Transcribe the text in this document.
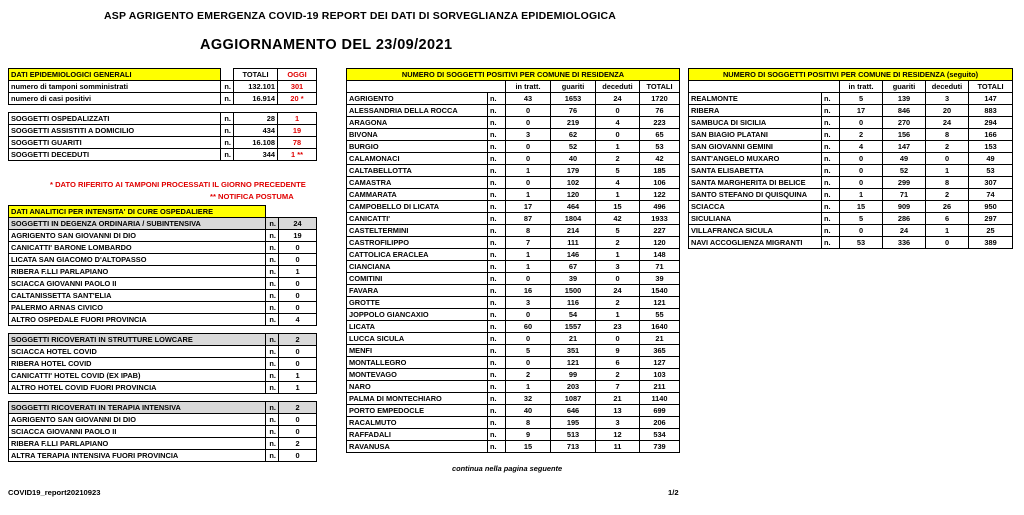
ASP AGRIGENTO EMERGENZA COVID-19 REPORT DEI DATI DI SORVEGLIANZA EPIDEMIOLOGICA
AGGIORNAMENTO DEL 23/09/2021
DATI EPIDEMIOLOGICI GENERALI		TOTALI	OGGI
numero di tamponi somministrati	n.	132.101	301
numero di casi positivi	n.	16.914	20 *

SOGGETTI OSPEDALIZZATI	n.	28	1
SOGGETTI ASSISTITI A DOMICILIO	n.	434	19
SOGGETTI GUARITI	n.	16.108	78
SOGGETTI DECEDUTI	n.	344	1 **
* DATO RIFERITO AI TAMPONI PROCESSATI IL GIORNO PRECEDENTE
** NOTIFICA POSTUMA
DATI ANALITICI PER INTENSITA' DI CURE OSPEDALIERE		
SOGGETTI IN DEGENZA ORDINARIA / SUBINTENSIVA	n.	24
AGRIGENTO SAN GIOVANNI DI DIO	n.	19
CANICATTI' BARONE LOMBARDO	n.	0
LICATA SAN GIACOMO D'ALTOPASSO	n.	0
RIBERA F.LLI PARLAPIANO	n.	1
SCIACCA GIOVANNI PAOLO II	n.	0
CALTANISSETTA SANT'ELIA	n.	0
PALERMO ARNAS CIVICO	n.	0
ALTRO OSPEDALE FUORI PROVINCIA	n.	4

SOGGETTI RICOVERATI IN STRUTTURE LOWCARE	n.	2
SCIACCA HOTEL COVID	n.	0
RIBERA HOTEL COVID	n.	0
CANICATTI' HOTEL COVID (EX IPAB)	n.	1
ALTRO HOTEL COVID FUORI PROVINCIA	n.	1

SOGGETTI RICOVERATI IN TERAPIA INTENSIVA	n.	2
AGRIGENTO SAN GIOVANNI DI DIO	n.	0
SCIACCA GIOVANNI PAOLO II	n.	0
RIBERA F.LLI PARLAPIANO	n.	2
ALTRA TERAPIA INTENSIVA FUORI PROVINCIA	n.	0
NUMERO DI SOGGETTI POSITIVI PER COMUNE DI RESIDENZA					
		in tratt.	guariti	deceduti	TOTALI
AGRIGENTO	n.	43	1653	24	1720
ALESSANDRIA DELLA ROCCA	n.	0	76	0	76
ARAGONA	n.	0	219	4	223
BIVONA	n.	3	62	0	65
BURGIO	n.	0	52	1	53
CALAMONACI	n.	0	40	2	42
CALTABELLOTTA	n.	1	179	5	185
CAMASTRA	n.	0	102	4	106
CAMMARATA	n.	1	120	1	122
CAMPOBELLO DI LICATA	n.	17	464	15	496
CANICATTI'	n.	87	1804	42	1933
CASTELTERMINI	n.	8	214	5	227
CASTROFILIPPO	n.	7	111	2	120
CATTOLICA ERACLEA	n.	1	146	1	148
CIANCIANA	n.	1	67	3	71
COMITINI	n.	0	39	0	39
FAVARA	n.	16	1500	24	1540
GROTTE	n.	3	116	2	121
JOPPOLO GIANCAXIO	n.	0	54	1	55
LICATA	n.	60	1557	23	1640
LUCCA SICULA	n.	0	21	0	21
MENFI	n.	5	351	9	365
MONTALLEGRO	n.	0	121	6	127
MONTEVAGO	n.	2	99	2	103
NARO	n.	1	203	7	211
PALMA DI MONTECHIARO	n.	32	1087	21	1140
PORTO EMPEDOCLE	n.	40	646	13	699
RACALMUTO	n.	8	195	3	206
RAFFADALI	n.	9	513	12	534
RAVANUSA	n.	15	713	11	739
continua nella pagina seguente
NUMERO DI SOGGETTI POSITIVI PER COMUNE DI RESIDENZA (seguito)					
		in tratt.	guariti	deceduti	TOTALI
REALMONTE	n.	5	139	3	147
RIBERA	n.	17	846	20	883
SAMBUCA DI SICILIA	n.	0	270	24	294
SAN BIAGIO PLATANI	n.	2	156	8	166
SAN GIOVANNI GEMINI	n.	4	147	2	153
SANT'ANGELO MUXARO	n.	0	49	0	49
SANTA ELISABETTA	n.	0	52	1	53
SANTA MARGHERITA DI BELICE	n.	0	299	8	307
SANTO STEFANO DI QUISQUINA	n.	1	71	2	74
SCIACCA	n.	15	909	26	950
SICULIANA	n.	5	286	6	297
VILLAFRANCA SICULA	n.	0	24	1	25
NAVI ACCOGLIENZA MIGRANTI	n.	53	336	0	389
COVID19_report20210923	1/2
